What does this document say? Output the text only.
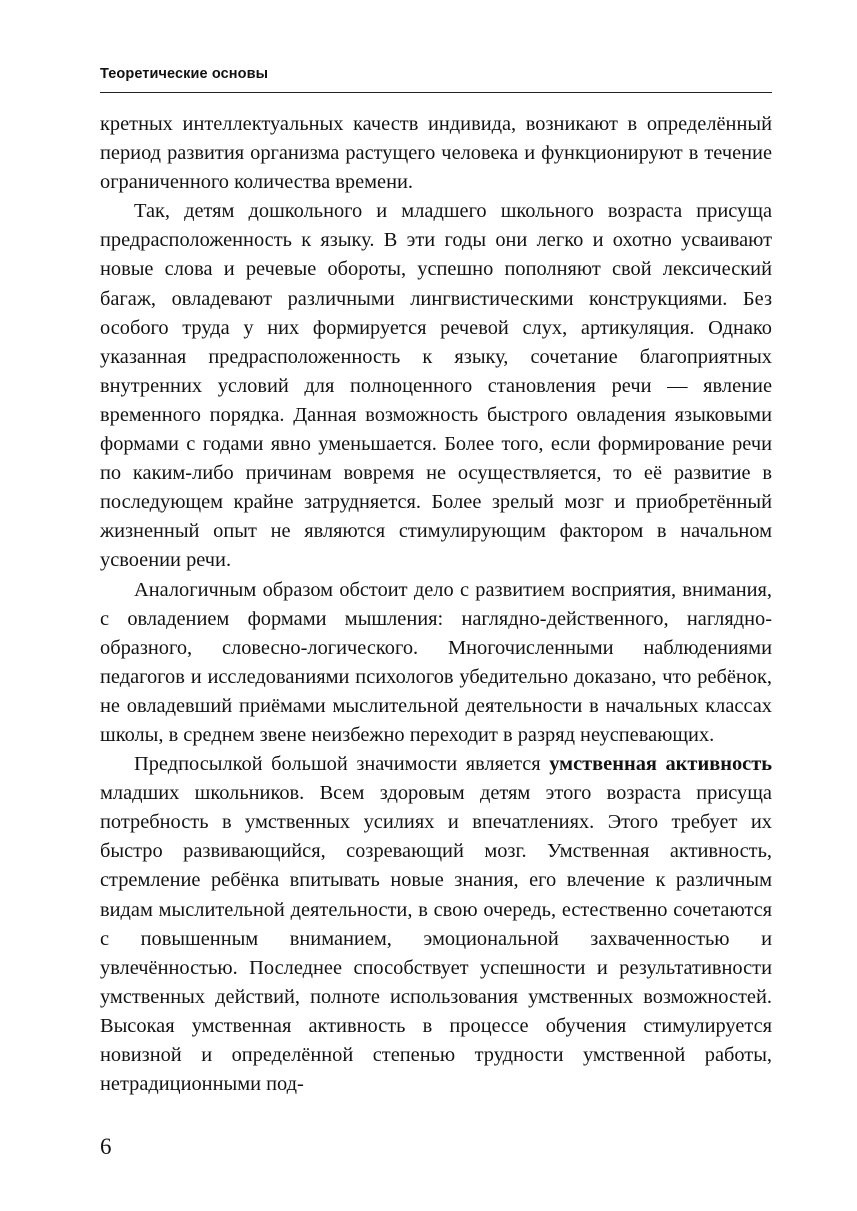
Теоретические основы

кретных интеллектуальных качеств индивида, возникают в определённый период развития организма растущего человека и функционируют в течение ограниченного количества времени.

Так, детям дошкольного и младшего школьного возраста присуща предрасположенность к языку. В эти годы они легко и охотно усваивают новые слова и речевые обороты, успешно пополняют свой лексический багаж, овладевают различными лингвистическими конструкциями. Без особого труда у них формируется речевой слух, артикуляция. Однако указанная предрасположенность к языку, сочетание благоприятных внутренних условий для полноценного становления речи — явление временного порядка. Данная возможность быстрого овладения языковыми формами с годами явно уменьшается. Более того, если формирование речи по каким-либо причинам вовремя не осуществляется, то её развитие в последующем крайне затрудняется. Более зрелый мозг и приобретённый жизненный опыт не являются стимулирующим фактором в начальном усвоении речи.

Аналогичным образом обстоит дело с развитием восприятия, внимания, с овладением формами мышления: наглядно-действенного, наглядно-образного, словесно-логического. Многочисленными наблюдениями педагогов и исследованиями психологов убедительно доказано, что ребёнок, не овладевший приёмами мыслительной деятельности в начальных классах школы, в среднем звене неизбежно переходит в разряд неуспевающих.

Предпосылкой большой значимости является умственная активность младших школьников. Всем здоровым детям этого возраста присуща потребность в умственных усилиях и впечатлениях. Этого требует их быстро развивающийся, созревающий мозг. Умственная активность, стремление ребёнка впитывать новые знания, его влечение к различным видам мыслительной деятельности, в свою очередь, естественно сочетаются с повышенным вниманием, эмоциональной захваченностью и увлечённостью. Последнее способствует успешности и результативности умственных действий, полноте использования умственных возможностей. Высокая умственная активность в процессе обучения стимулируется новизной и определённой степенью трудности умственной работы, нетрадиционными под-

6
